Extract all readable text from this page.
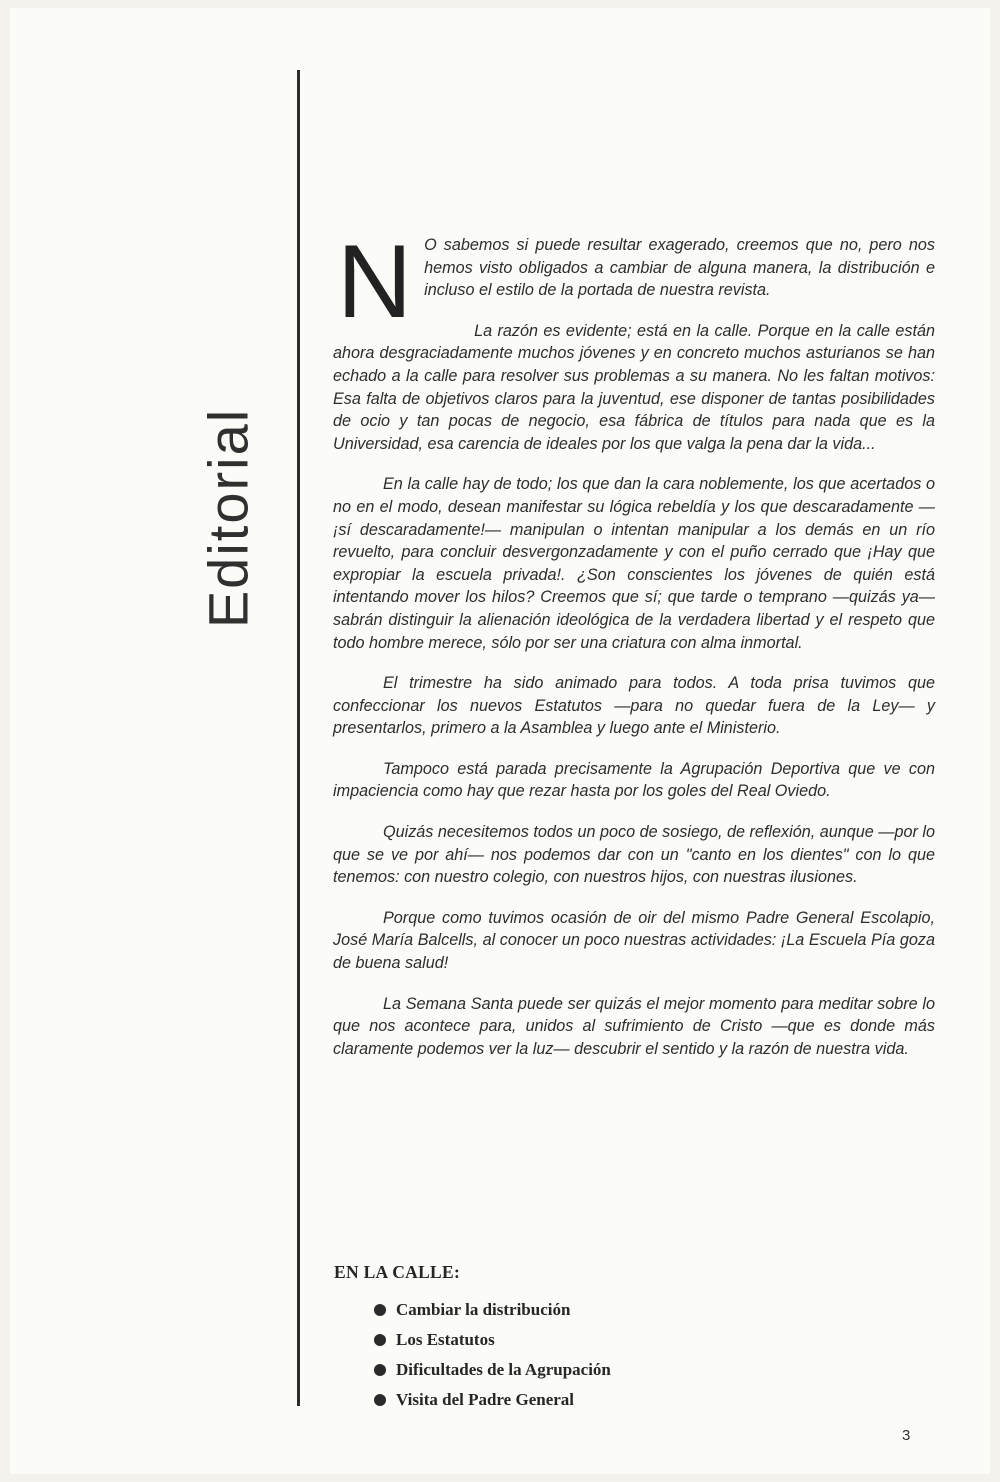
Editorial

N O sabemos si puede resultar exagerado, creemos que no, pero nos hemos visto obligados a cambiar de alguna manera, la distribución e incluso el estilo de la portada de nuestra revista.

La razón es evidente; está en la calle. Porque en la calle están ahora desgraciadamente muchos jóvenes y en concreto muchos asturianos se han echado a la calle para resolver sus problemas a su manera. No les faltan motivos: Esa falta de objetivos claros para la juventud, ese disponer de tantas posibilidades de ocio y tan pocas de negocio, esa fábrica de títulos para nada que es la Universidad, esa carencia de ideales por los que valga la pena dar la vida...

En la calle hay de todo; los que dan la cara noblemente, los que acertados o no en el modo, desean manifestar su lógica rebeldía y los que descaradamente —¡sí descaradamente!— manipulan o intentan manipular a los demás en un río revuelto, para concluir desvergonzadamente y con el puño cerrado que ¡Hay que expropiar la escuela privada!. ¿Son conscientes los jóvenes de quién está intentando mover los hilos? Creemos que sí; que tarde o temprano —quizás ya— sabrán distinguir la alienación ideológica de la verdadera libertad y el respeto que todo hombre merece, sólo por ser una criatura con alma inmortal.

El trimestre ha sido animado para todos. A toda prisa tuvimos que confeccionar los nuevos Estatutos —para no quedar fuera de la Ley— y presentarlos, primero a la Asamblea y luego ante el Ministerio.

Tampoco está parada precisamente la Agrupación Deportiva que ve con impaciencia como hay que rezar hasta por los goles del Real Oviedo.

Quizás necesitemos todos un poco de sosiego, de reflexión, aunque —por lo que se ve por ahí— nos podemos dar con un "canto en los dientes" con lo que tenemos: con nuestro colegio, con nuestros hijos, con nuestras ilusiones.

Porque como tuvimos ocasión de oir del mismo Padre General Escolapio, José María Balcells, al conocer un poco nuestras actividades: ¡La Escuela Pía goza de buena salud!

La Semana Santa puede ser quizás el mejor momento para meditar sobre lo que nos acontece para, unidos al sufrimiento de Cristo —que es donde más claramente podemos ver la luz— descubrir el sentido y la razón de nuestra vida.

EN LA CALLE:
Cambiar la distribución
Los Estatutos
Dificultades de la Agrupación
Visita del Padre General
3
